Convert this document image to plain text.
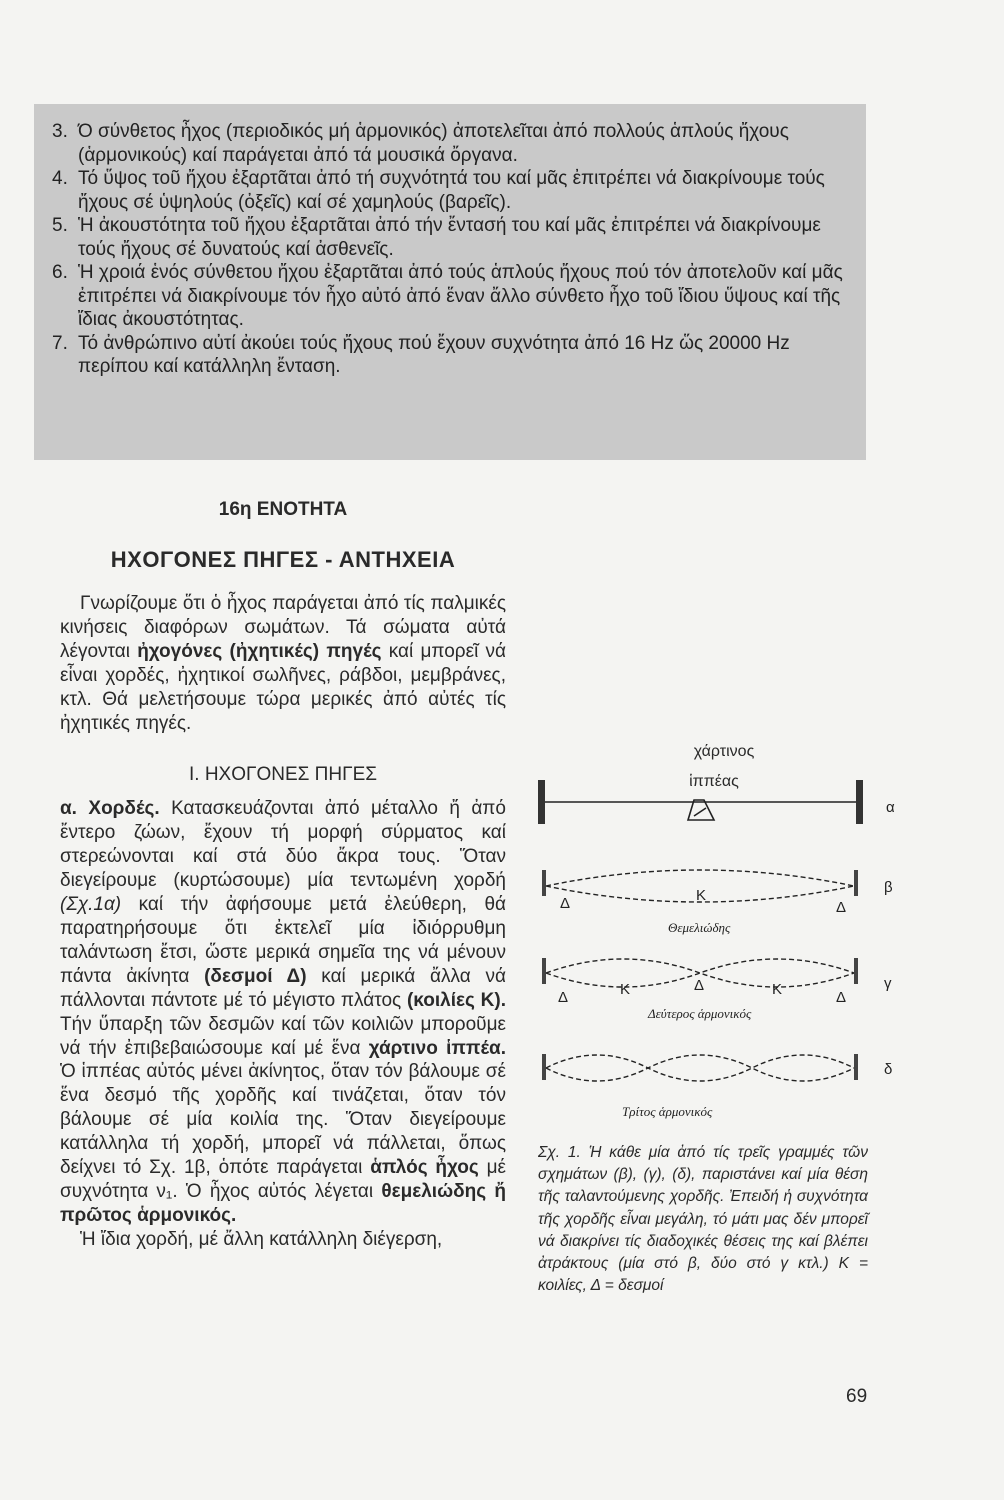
3. Ό σύνθετος ἦχος (περιοδικός μή ἁρμονικός) ἀποτελεῖται ἀπό πολλούς ἁπλούς ἤχους (ἁρμονικούς) καί παράγεται ἀπό τά μουσικά ὄργανα.
4. Τό ὕψος τοῦ ἤχου ἐξαρτᾶται ἀπό τή συχνότητά του καί μᾶς ἐπιτρέπει νά διακρίνουμε τούς ἤχους σέ ὑψηλούς (ὀξεῖς) καί σέ χαμηλούς (βαρεῖς).
5. Ἡ ἀκουστότητα τοῦ ἤχου ἐξαρτᾶται ἀπό τήν ἔντασή του καί μᾶς ἐπιτρέπει νά διακρίνουμε τούς ἤχους σέ δυνατούς καί ἀσθενεῖς.
6. Ἡ χροιά ἑνός σύνθετου ἤχου ἐξαρτᾶται ἀπό τούς ἁπλούς ἤχους πού τόν ἀποτελοῦν καί μᾶς ἐπιτρέπει νά διακρίνουμε τόν ἦχο αὐτό ἀπό ἕναν ἄλλο σύνθετο ἦχο τοῦ ἴδιου ὕψους καί τῆς ἴδιας ἀκουστότητας.
7. Τό ἀνθρώπινο αὐτί ἀκούει τούς ἤχους πού ἔχουν συχνότητα ἀπό 16 Hz ὥς 20000 Hz περίπου καί κατάλληλη ἔνταση.
16η ΕΝΟΤΗΤΑ
ΗΧΟΓΟΝΕΣ ΠΗΓΕΣ - ΑΝΤΗΧΕΙΑ

Γνωρίζουμε ὅτι ὁ ἦχος παράγεται ἀπό τίς παλμικές κινήσεις διαφόρων σωμάτων. Τά σώματα αὐτά λέγονται ἠχογόνες (ἠχητικές) πηγές καί μπορεῖ νά εἶναι χορδές, ἠχητικοί σωλῆνες, ράβδοι, μεμβράνες, κτλ. Θά μελετήσουμε τώρα μερικές ἀπό αὐτές τίς ἠχητικές πηγές.

Ι. ΗΧΟΓΟΝΕΣ ΠΗΓΕΣ

α. Χορδές. Κατασκευάζονται ἀπό μέταλλο ἤ ἀπό ἔντερο ζώων, ἔχουν τή μορφή σύρματος καί στερεώνονται καί στά δύο ἄκρα τους. Ὅταν διεγείρουμε (κυρτώσουμε) μία τεντωμένη χορδή (Σχ.1α) καί τήν ἀφήσουμε μετά ἐλεύθερη, θά παρατηρήσουμε ὅτι ἐκτελεῖ μία ἰδιόρρυθμη ταλάντωση ἔτσι, ὥστε μερικά σημεῖα της νά μένουν πάντα ἀκίνητα (δεσμοί Δ) καί μερικά ἄλλα νά πάλλονται πάντοτε μέ τό μέγιστο πλάτος (κοιλίες Κ). Τήν ὕπαρξη τῶν δεσμῶν καί τῶν κοιλιῶν μποροῦμε νά τήν ἐπιβεβαιώσουμε καί μέ ἕνα χάρτινο ἱππέα. Ὁ ἱππέας αὐτός μένει ἀκίνητος, ὅταν τόν βάλουμε σέ ἕνα δεσμό τῆς χορδῆς καί τινάζεται, ὅταν τόν βάλουμε σέ μία κοιλία της. Ὅταν διεγείρουμε κατάλληλα τή χορδή, μπορεῖ νά πάλλεται, ὅπως δείχνει τό Σχ. 1β, ὁπότε παράγεται ἁπλός ἦχος μέ συχνότητα ν₁. Ὁ ἦχος αὐτός λέγεται θεμελιώδης ἤ πρῶτος ἁρμονικός.

Ἡ ἴδια χορδή, μέ ἄλλη κατάλληλη διέγερση,

χάρτινος
ἱππέας
α
Δ	Δ
Κ	β
Θεμελιώδης
Δ	Κ	Δ	Κ	Δ
γ
Δεύτερος ἁρμονικός
δ
Τρίτος ἁρμονικός
Σχ. 1. Ἡ κάθε μία ἀπό τίς τρεῖς γραμμές τῶν σχημάτων (β), (γ), (δ), παριστάνει καί μία θέση τῆς ταλαντούμενης χορδῆς. Ἐπειδή ἡ συχνότητα τῆς χορδῆς εἶναι μεγάλη, τό μάτι μας δέν μπορεῖ νά διακρίνει τίς διαδοχικές θέσεις της καί βλέπει ἀτράκτους (μία στό β, δύο στό γ κτλ.) Κ = κοιλίες, Δ = δεσμοί
69
